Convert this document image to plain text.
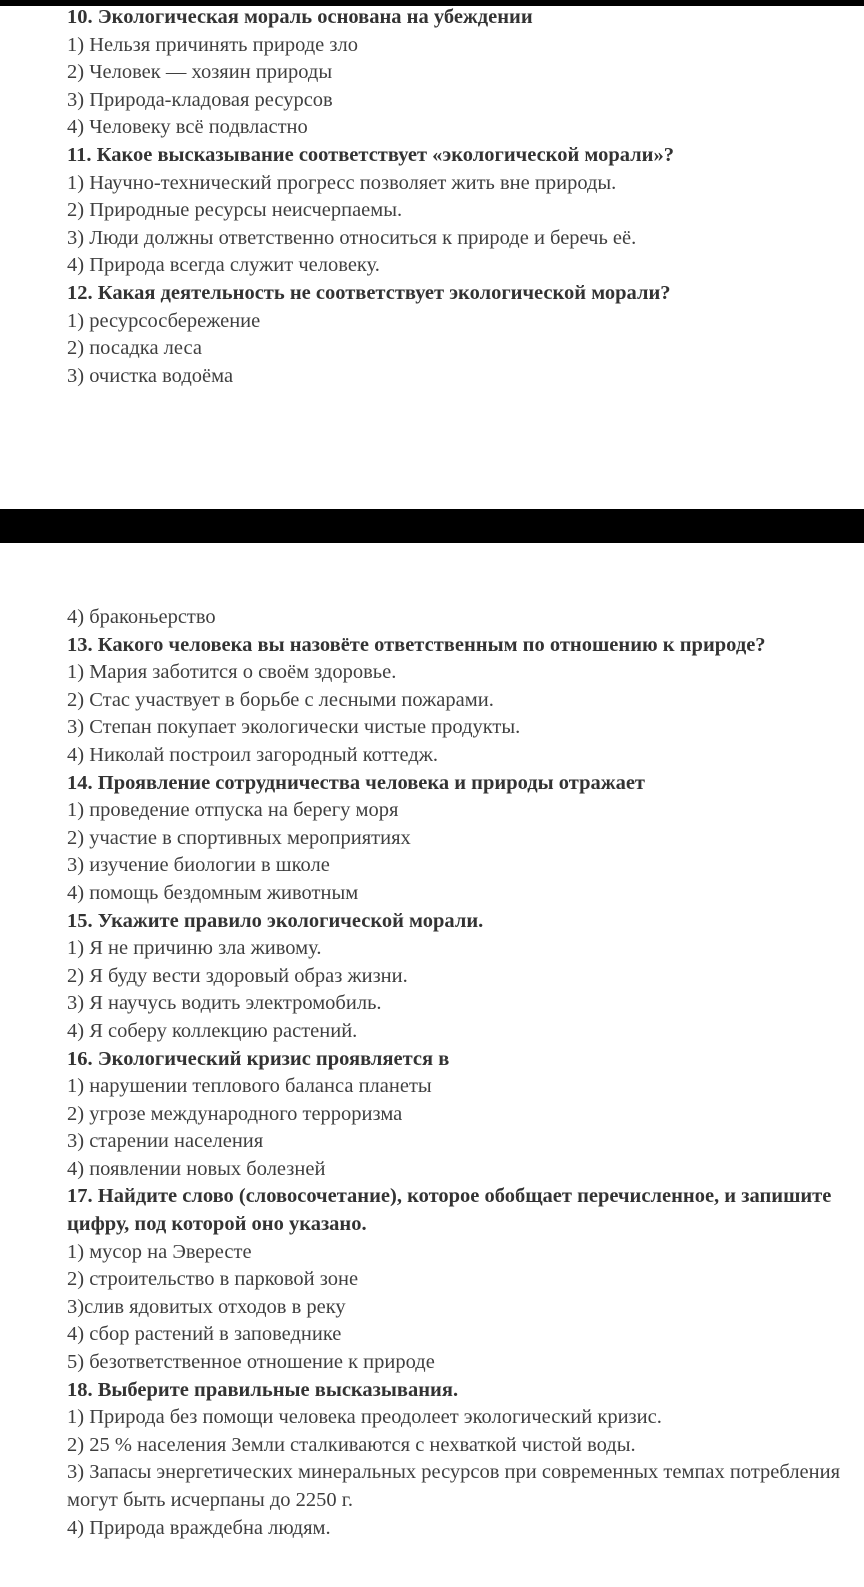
10. Экологическая мораль основана на убеждении
1) Нельзя причинять природе зло
2) Человек — хозяин природы
3) Природа-кладовая ресурсов
4) Человеку всё подвластно
11. Какое высказывание соответствует «экологической морали»?
1) Научно-технический прогресс позволяет жить вне природы.
2) Природные ресурсы неисчерпаемы.
3) Люди должны ответственно относиться к природе и беречь её.
4) Природа всегда служит человеку.
12. Какая деятельность не соответствует экологической морали?
1) ресурсосбережение
2) посадка леса
3) очистка водоёма
4) браконьерство
13. Какого человека вы назовёте ответственным по отношению к природе?
1) Мария заботится о своём здоровье.
2) Стас участвует в борьбе с лесными пожарами.
3) Степан покупает экологически чистые продукты.
4) Николай построил загородный коттедж.
14. Проявление сотрудничества человека и природы отражает
1) проведение отпуска на берегу моря
2) участие в спортивных мероприятиях
3) изучение биологии в школе
4) помощь бездомным животным
15. Укажите правило экологической морали.
1) Я не причиню зла живому.
2) Я буду вести здоровый образ жизни.
3) Я научусь водить электромобиль.
4) Я соберу коллекцию растений.
16. Экологический кризис проявляется в
1) нарушении теплового баланса планеты
2) угрозе международного терроризма
3) старении населения
4) появлении новых болезней
17. Найдите слово (словосочетание), которое обобщает перечисленное, и запишите цифру, под которой оно указано.
1) мусор на Эвересте
2) строительство в парковой зоне
3)слив ядовитых отходов в реку
4) сбор растений в заповеднике
5) безответственное отношение к природе
18. Выберите правильные высказывания.
1) Природа без помощи человека преодолеет экологический кризис.
2) 25 % населения Земли сталкиваются с нехваткой чистой воды.
3) Запасы энергетических минеральных ресурсов при современных темпах потребления могут быть исчерпаны до 2250 г.
4) Природа враждебна людям.
